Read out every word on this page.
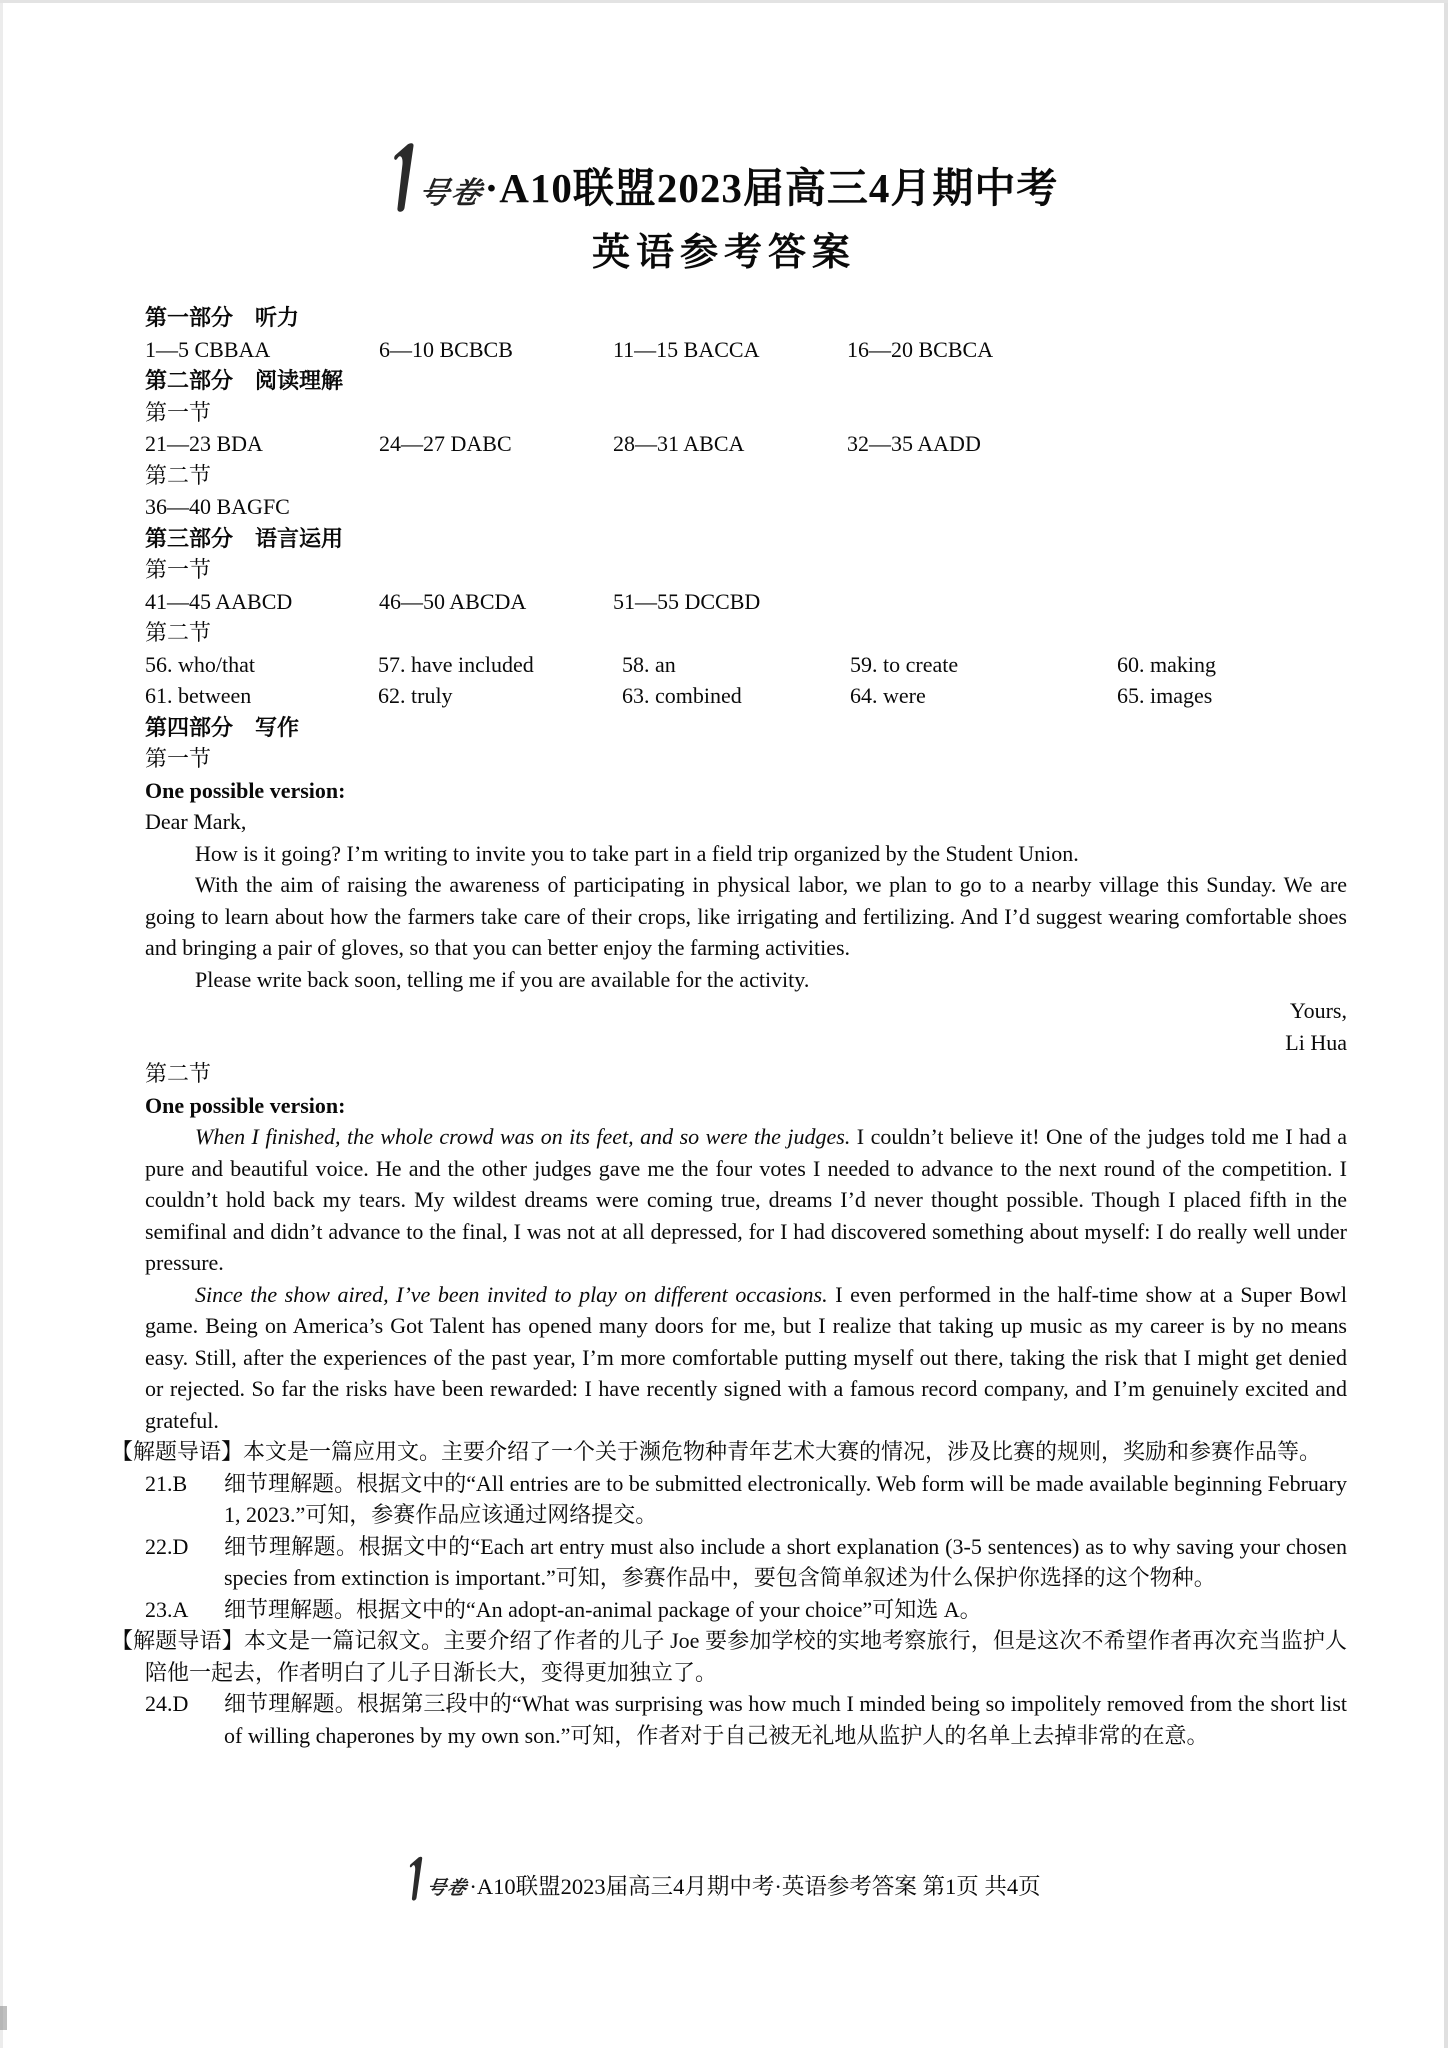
号卷 ·A10联盟2023届高三4月期中考
英语参考答案

第一部分　听力

1—5 CBBAA	6—10 BCBCB	11—15 BACCA	16—20 BCBCA

第二部分　阅读理解

第一节

21—23 BDA	24—27 DABC	28—31 ABCA	32—35 AADD

第二节

36—40 BAGFC

第三部分　语言运用

第一节

41—45 AABCD	46—50 ABCDA	51—55 DCCBD

第二节

56. who/that	57. have included	58. an	59. to create	60. making
61. between	62. truly	63. combined	64. were	65. images

第四部分　写作

第一节

One possible version:

Dear Mark,

How is it going? I’m writing to invite you to take part in a field trip organized by the Student Union.

With the aim of raising the awareness of participating in physical labor, we plan to go to a nearby village this Sunday. We are going to learn about how the farmers take care of their crops, like irrigating and fertilizing. And I’d suggest wearing comfortable shoes and bringing a pair of gloves, so that you can better enjoy the farming activities.

Please write back soon, telling me if you are available for the activity.

Yours,

Li Hua

第二节

One possible version:

When I finished, the whole crowd was on its feet, and so were the judges. I couldn’t believe it! One of the judges told me I had a pure and beautiful voice. He and the other judges gave me the four votes I needed to advance to the next round of the competition. I couldn’t hold back my tears. My wildest dreams were coming true, dreams I’d never thought possible. Though I placed fifth in the semifinal and didn’t advance to the final, I was not at all depressed, for I had discovered something about myself: I do really well under pressure.

Since the show aired, I’ve been invited to play on different occasions. I even performed in the half-time show at a Super Bowl game. Being on America’s Got Talent has opened many doors for me, but I realize that taking up music as my career is by no means easy. Still, after the experiences of the past year, I’m more comfortable putting myself out there, taking the risk that I might get denied or rejected. So far the risks have been rewarded: I have recently signed with a famous record company, and I’m genuinely excited and grateful.

【解题导语】本文是一篇应用文。主要介绍了一个关于濒危物种青年艺术大赛的情况，涉及比赛的规则，奖励和参赛作品等。

21.B 细节理解题。根据文中的“All entries are to be submitted electronically. Web form will be made available beginning February 1, 2023.”可知，参赛作品应该通过网络提交。

22.D 细节理解题。根据文中的“Each art entry must also include a short explanation (3-5 sentences) as to why saving your chosen species from extinction is important.”可知，参赛作品中，要包含简单叙述为什么保护你选择的这个物种。

23.A 细节理解题。根据文中的“An adopt-an-animal package of your choice”可知选 A。

【解题导语】本文是一篇记叙文。主要介绍了作者的儿子 Joe 要参加学校的实地考察旅行，但是这次不希望作者再次充当监护人陪他一起去，作者明白了儿子日渐长大，变得更加独立了。

24.D 细节理解题。根据第三段中的“What was surprising was how much I minded being so impolitely removed from the short list of willing chaperones by my own son.”可知，作者对于自己被无礼地从监护人的名单上去掉非常的在意。

号卷 ·A10联盟2023届高三4月期中考·英语参考答案 第1页 共4页
